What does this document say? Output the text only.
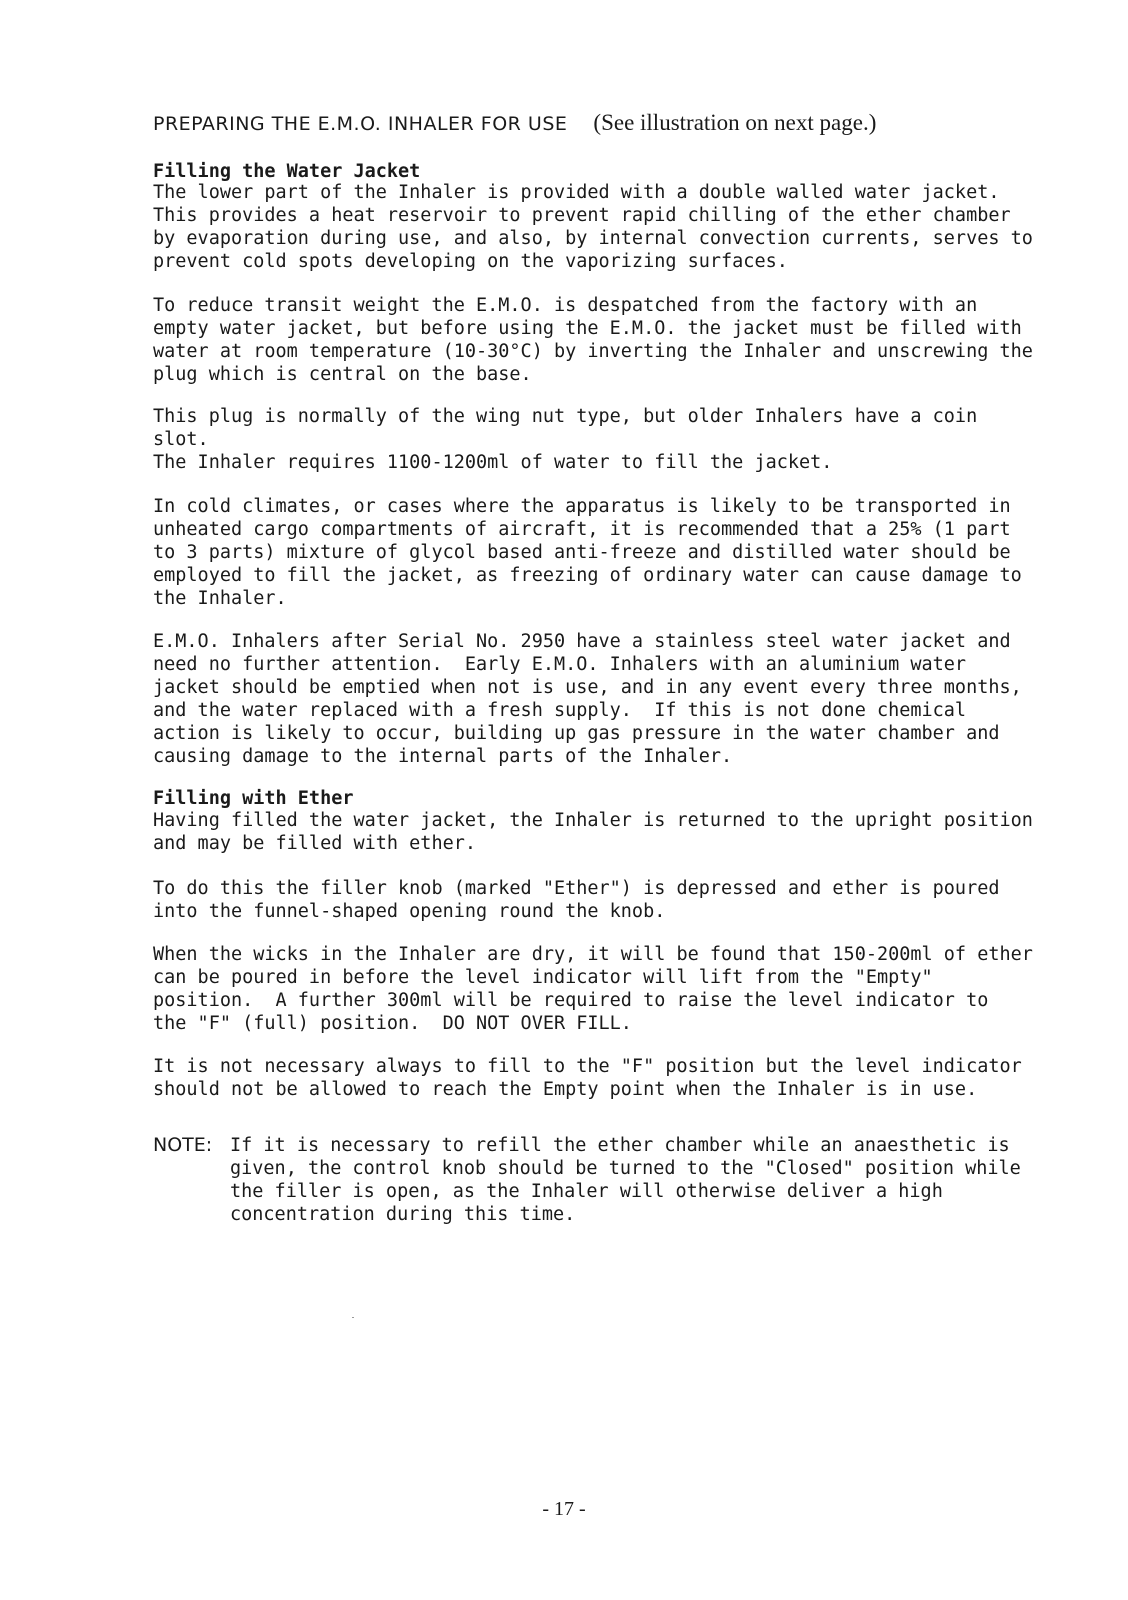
PREPARING THE E.M.O. INHALER FOR USE (See illustration on next page.)
Filling the Water Jacket

The lower part of the Inhaler is provided with a double walled water jacket.
This provides a heat reservoir to prevent rapid chilling of the ether chamber
by evaporation during use, and also, by internal convection currents, serves to
prevent cold spots developing on the vaporizing surfaces.

To reduce transit weight the E.M.O. is despatched from the factory with an
empty water jacket, but before using the E.M.O. the jacket must be filled with
water at room temperature (10-30°C) by inverting the Inhaler and unscrewing the
plug which is central on the base.

This plug is normally of the wing nut type, but older Inhalers have a coin
slot.
The Inhaler requires 1100-1200ml of water to fill the jacket.

In cold climates, or cases where the apparatus is likely to be transported in
unheated cargo compartments of aircraft, it is recommended that a 25% (1 part
to 3 parts) mixture of glycol based anti-freeze and distilled water should be
employed to fill the jacket, as freezing of ordinary water can cause damage to
the Inhaler.

E.M.O. Inhalers after Serial No. 2950 have a stainless steel water jacket and
need no further attention.  Early E.M.O. Inhalers with an aluminium water
jacket should be emptied when not is use, and in any event every three months,
and the water replaced with a fresh supply.  If this is not done chemical
action is likely to occur, building up gas pressure in the water chamber and
causing damage to the internal parts of the Inhaler.

Filling with Ether

Having filled the water jacket, the Inhaler is returned to the upright position
and may be filled with ether.

To do this the filler knob (marked "Ether") is depressed and ether is poured
into the funnel-shaped opening round the knob.

When the wicks in the Inhaler are dry, it will be found that 150-200ml of ether
can be poured in before the level indicator will lift from the "Empty"
position.  A further 300ml will be required to raise the level indicator to
the "F" (full) position.  DO NOT OVER FILL.

It is not necessary always to fill to the "F" position but the level indicator
should not be allowed to reach the Empty point when the Inhaler is in use.

NOTE: If it is necessary to refill the ether chamber while an anaesthetic is
given, the control knob should be turned to the "Closed" position while
the filler is open, as the Inhaler will otherwise deliver a high
concentration during this time.

- 17 -
